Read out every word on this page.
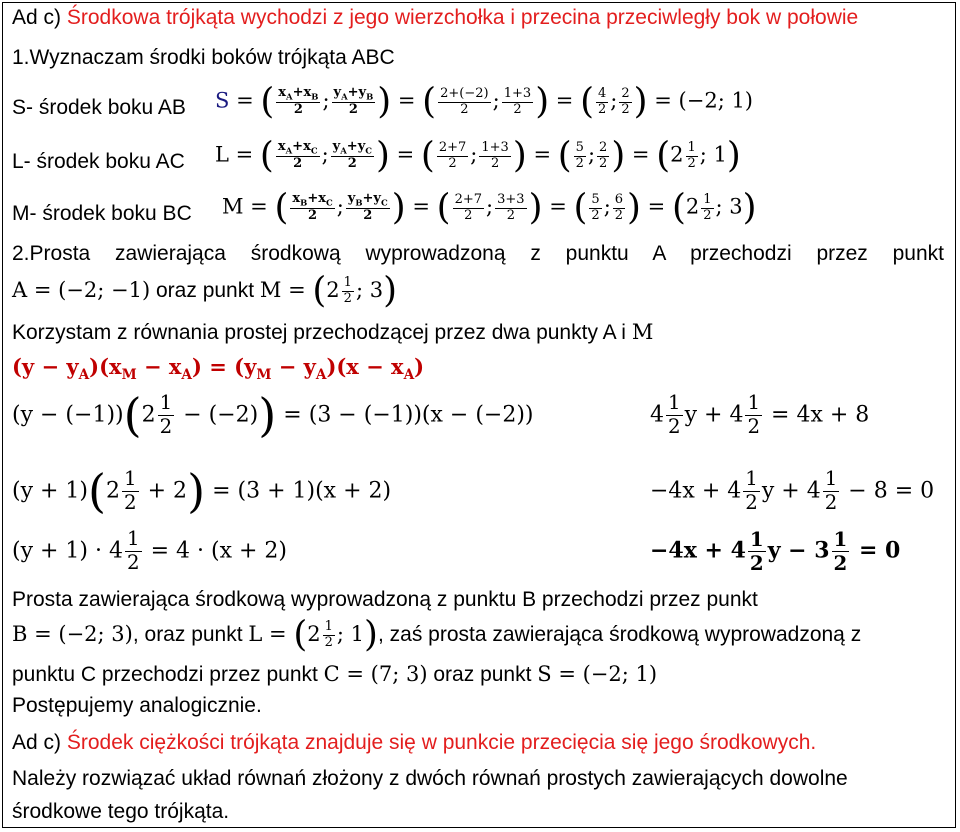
Ad c) Środkowa trójkąta wychodzi z jego wierzchołka i przecina przeciwległy bok w połowie
1.Wyznaczam środki boków trójkąta ABC
S- środek boku AB S = ( $\frac{x_A+x_B}{2}$ ; $\frac{y_A+y_B}{2}$ ) = ( $\frac{2+(-2)}{2}$ ; $\frac{1+3}{2}$ ) = ( $\frac{4}{2}$ ; $\frac{2}{2}$ ) = (−2; 1)
L- środek boku AC L = ( $\frac{x_A+x_C}{2}$ ; $\frac{y_A+y_C}{2}$ ) = ( $\frac{2+7}{2}$ ; $\frac{1+3}{2}$ ) = ( $\frac{5}{2}$ ; $\frac{2}{2}$ ) = ($2 \frac{1}{2}$ ; 1)
M- środek boku BC M = ( $\frac{x_B+x_C}{2}$ ; $\frac{y_B+y_C}{2}$ ) = ( $\frac{2+7}{2}$ ; $\frac{3+3}{2}$ ) = ( $\frac{5}{2}$ ; $\frac{6}{2}$ ) = ($2 \frac{1}{2}$ ; 3)
2.Prosta zawierająca środkową wyprowadzoną z punktu A przechodzi przez punkt
A = (−2; −1) oraz punkt $M = (2 \frac{1}{2}$ ; 3)
Korzystam z równania prostej przechodzącej przez dwa punkty A i M
$(y - y_A)(x_M - x_A) = (y_M - y_A)(x - x_A)$
$(y - (-1))(2 \frac{1}{2} - (-2)) = (3 - (-1))(x - (-2))$
$(y + 1)(2 \frac{1}{2} + 2) = (3 + 1)(x + 2)$
$(y + 1) \cdot 4 \frac{1}{2} = 4 \cdot (x + 2)$
$4 \frac{1}{2}$ $y + 4 \frac{1}{2} = 4x + 8$
$-4x + 4 \frac{1}{2}$ $y + 4 \frac{1}{2} - 8 = 0$
$-4x + 4 \frac{1}{2}$ $y - 3 \frac{1}{2} = 0$
Prosta zawierająca środkową wyprowadzoną z punktu B przechodzi przez punkt
B = (−2; 3), oraz punkt $L = (2 \frac{1}{2}$ ; 1), zaś prosta zawierająca środkową wyprowadzoną z
punktu C przechodzi przez punkt C = (7; 3) oraz punkt S = (−2; 1)
Postępujemy analogicznie.
Ad c) Środek ciężkości trójkąta znajduje się w punkcie przecięcia się jego środkowych.
Należy rozwiązać układ równań złożony z dwóch równań prostych zawierających dowolne
środkowe tego trójkąta.
